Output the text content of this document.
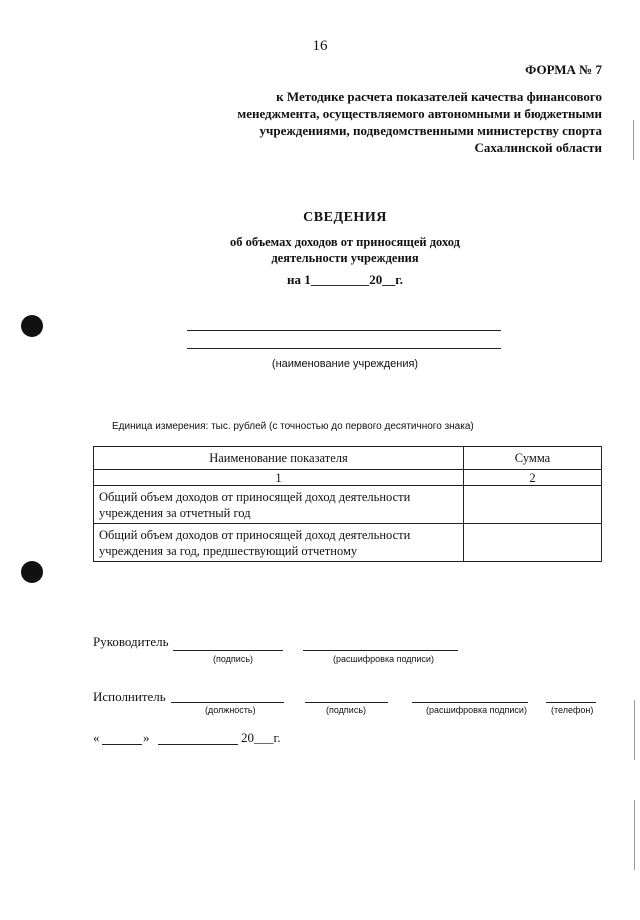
16
ФОРМА № 7
к Методике расчета показателей качества финансового
менеджмента, осуществляемого автономными и бюджетными
учреждениями, подведомственными министерству спорта
Сахалинской области
СВЕДЕНИЯ
об объемах доходов от приносящей доход
деятельности учреждения
на 1_________20__г.
(наименование учреждения)
Единица измерения: тыс. рублей (с точностью до первого десятичного знака)
Наименование показателя	Сумма
1	2
Общий объем доходов от приносящей доход деятельности учреждения за отчетный год	
Общий объем доходов от приносящей доход деятельности учреждения за год, предшествующий отчетному	
Руководитель
(подпись)	(расшифровка подписи)
Исполнитель
(должность)	(подпись)	(расшифровка подписи)	(телефон)
«	»	20___г.
